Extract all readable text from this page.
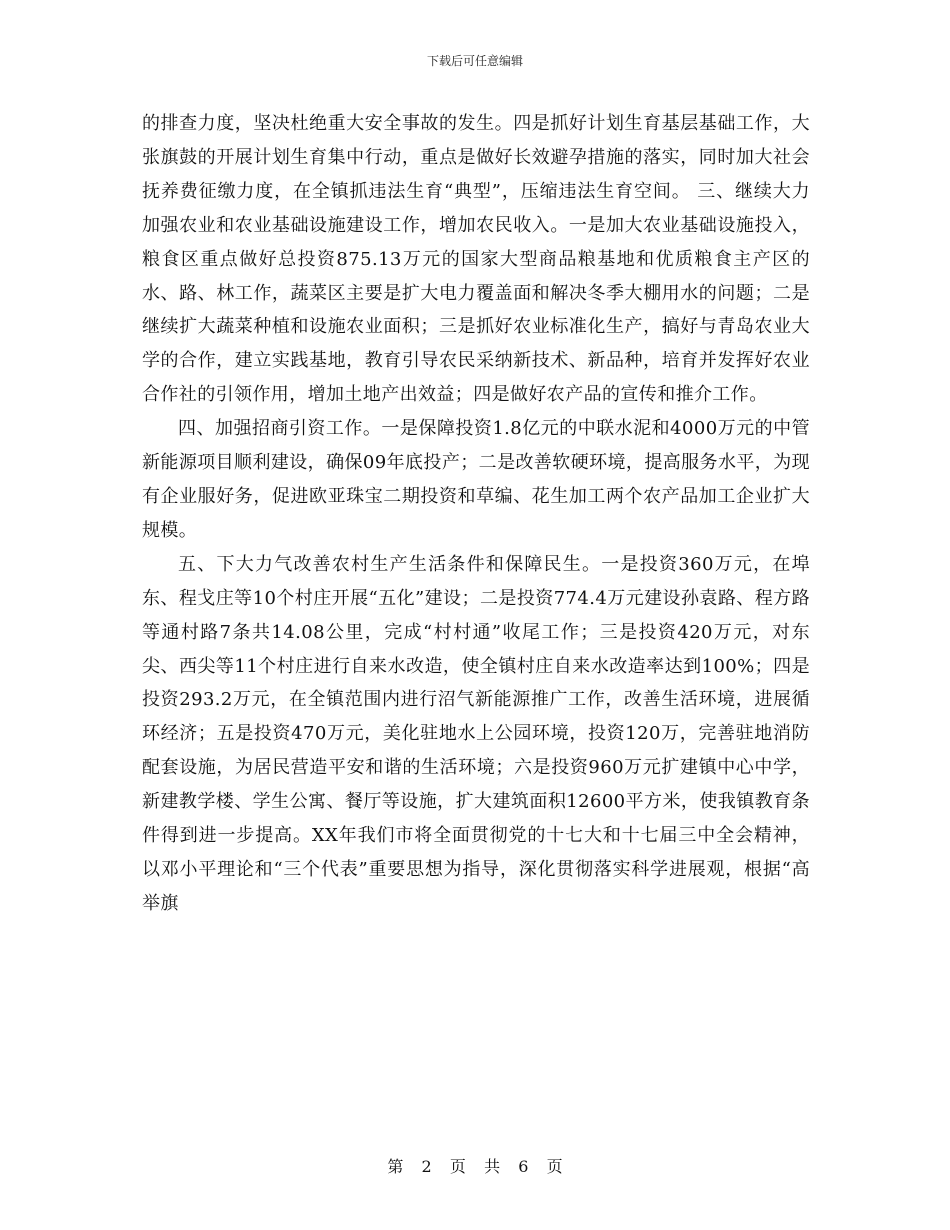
下载后可任意编辑

的排查力度，坚决杜绝重大安全事故的发生。四是抓好计划生育基层基础工作，大张旗鼓的开展计划生育集中行动，重点是做好长效避孕措施的落实，同时加大社会抚养费征缴力度，在全镇抓违法生育“典型”，压缩违法生育空间。 三、继续大力加强农业和农业基础设施建设工作，增加农民收入。一是加大农业基础设施投入，粮食区重点做好总投资875.13万元的国家大型商品粮基地和优质粮食主产区的水、路、林工作，蔬菜区主要是扩大电力覆盖面和解决冬季大棚用水的问题；二是继续扩大蔬菜种植和设施农业面积；三是抓好农业标准化生产，搞好与青岛农业大学的合作，建立实践基地，教育引导农民采纳新技术、新品种，培育并发挥好农业合作社的引领作用，增加土地产出效益；四是做好农产品的宣传和推介工作。

四、加强招商引资工作。一是保障投资1.8亿元的中联水泥和4000万元的中管新能源项目顺利建设，确保09年底投产；二是改善软硬环境，提高服务水平，为现有企业服好务，促进欧亚珠宝二期投资和草编、花生加工两个农产品加工企业扩大规模。

五、下大力气改善农村生产生活条件和保障民生。一是投资360万元，在埠东、程戈庄等10个村庄开展“五化”建设；二是投资774.4万元建设孙袁路、程方路等通村路7条共14.08公里，完成“村村通”收尾工作；三是投资420万元，对东尖、西尖等11个村庄进行自来水改造，使全镇村庄自来水改造率达到100%；四是投资293.2万元，在全镇范围内进行沼气新能源推广工作，改善生活环境，进展循环经济；五是投资470万元，美化驻地水上公园环境，投资120万，完善驻地消防配套设施，为居民营造平安和谐的生活环境；六是投资960万元扩建镇中心中学，新建教学楼、学生公寓、餐厅等设施，扩大建筑面积12600平方米，使我镇教育条件得到进一步提高。XX年我们市将全面贯彻党的十七大和十七届三中全会精神，以邓小平理论和“三个代表”重要思想为指导，深化贯彻落实科学进展观，根据“高举旗

第 2 页 共 6 页
